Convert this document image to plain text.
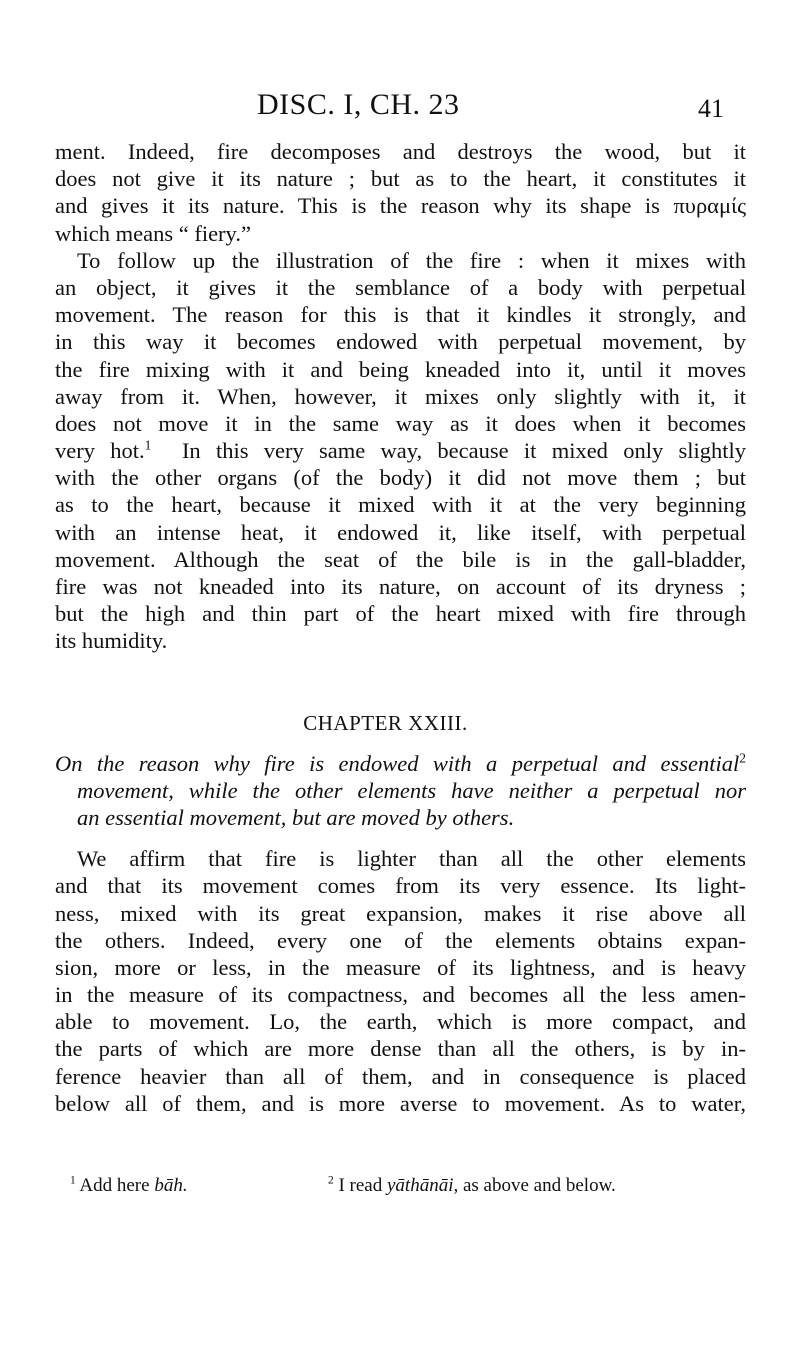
DISC. I, CH. 23	41
ment. Indeed, fire decomposes and destroys the wood, but it
does not give it its nature ; but as to the heart, it constitutes it
and gives it its nature. This is the reason why its shape is πυραμίς
which means “ fiery.”
To follow up the illustration of the fire : when it mixes with
an object, it gives it the semblance of a body with perpetual
movement. The reason for this is that it kindles it strongly, and
in this way it becomes endowed with perpetual movement, by
the fire mixing with it and being kneaded into it, until it moves
away from it. When, however, it mixes only slightly with it, it
does not move it in the same way as it does when it becomes
very hot.$^1$  In this very same way, because it mixed only slightly
with the other organs (of the body) it did not move them ; but
as to the heart, because it mixed with it at the very beginning
with an intense heat, it endowed it, like itself, with perpetual
movement. Although the seat of the bile is in the gall-bladder,
fire was not kneaded into its nature, on account of its dryness ;
but the high and thin part of the heart mixed with fire through
its humidity.
CHAPTER XXIII.
On the reason why fire is endowed with a perpetual and essential$^2$
movement, while the other elements have neither a perpetual nor
an essential movement, but are moved by others.
We affirm that fire is lighter than all the other elements
and that its movement comes from its very essence. Its light-
ness, mixed with its great expansion, makes it rise above all
the others. Indeed, every one of the elements obtains expan-
sion, more or less, in the measure of its lightness, and is heavy
in the measure of its compactness, and becomes all the less amen-
able to movement. Lo, the earth, which is more compact, and
the parts of which are more dense than all the others, is by in-
ference heavier than all of them, and in consequence is placed
below all of them, and is more averse to movement. As to water,
$^1$ Add here bāh.	$^2$ I read yāthānāi, as above and below.
